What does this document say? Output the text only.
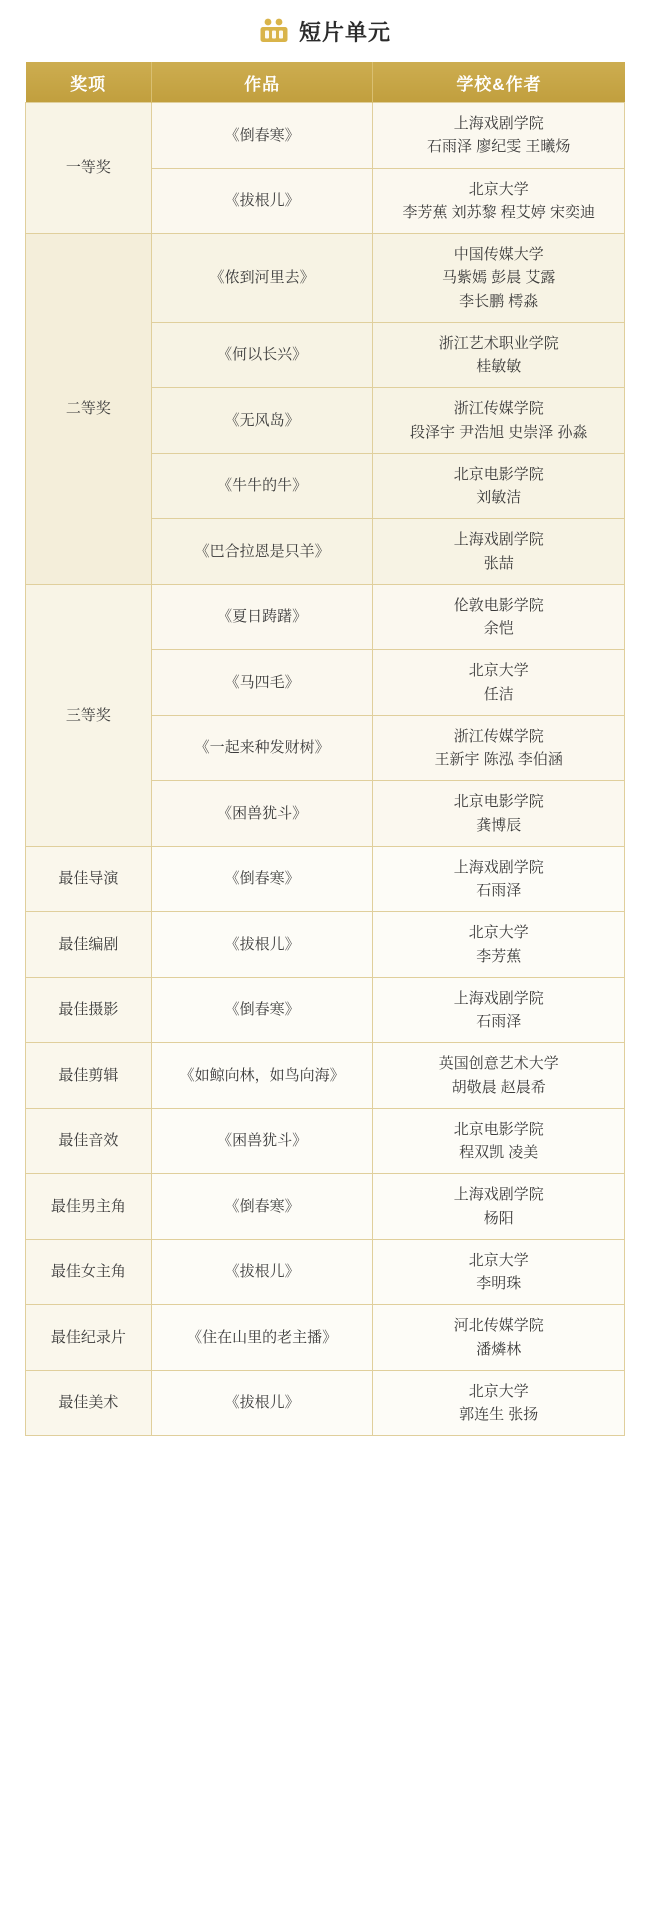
短片单元
奖项	作品	学校&作者
一等奖	《倒春寒》	上海戏剧学院
石雨泽 廖纪雯 王曦炀
	《拔根儿》	北京大学
李芳蕉 刘苏黎 程艾婷 宋奕迪
二等奖	《侬到河里去》	中国传媒大学
马紫嫣 彭晨 艾露
李长鹏 樗淼
	《何以长兴》	浙江艺术职业学院
桂敏敏
	《无风岛》	浙江传媒学院
段泽宇 尹浩旭 史崇泽 孙淼
	《牛牛的牛》	北京电影学院
刘敏洁
	《巴合拉恩是只羊》	上海戏剧学院
张喆
三等奖	《夏日踌躇》	伦敦电影学院
余恺
	《马四毛》	北京大学
任洁
	《一起来种发财树》	浙江传媒学院
王新宇 陈泓 李伯涵
	《困兽犹斗》	北京电影学院
龚博辰
最佳导演	《倒春寒》	上海戏剧学院
石雨泽
最佳编剧	《拔根儿》	北京大学
李芳蕉
最佳摄影	《倒春寒》	上海戏剧学院
石雨泽
最佳剪辑	《如鲸向林，如鸟向海》	英国创意艺术大学
胡敬晨 赵晨希
最佳音效	《困兽犹斗》	北京电影学院
程双凯 凌美
最佳男主角	《倒春寒》	上海戏剧学院
杨阳
最佳女主角	《拔根儿》	北京大学
李明珠
最佳纪录片	《住在山里的老主播》	河北传媒学院
潘燐林
最佳美术	《拔根儿》	北京大学
郭连生 张扬
